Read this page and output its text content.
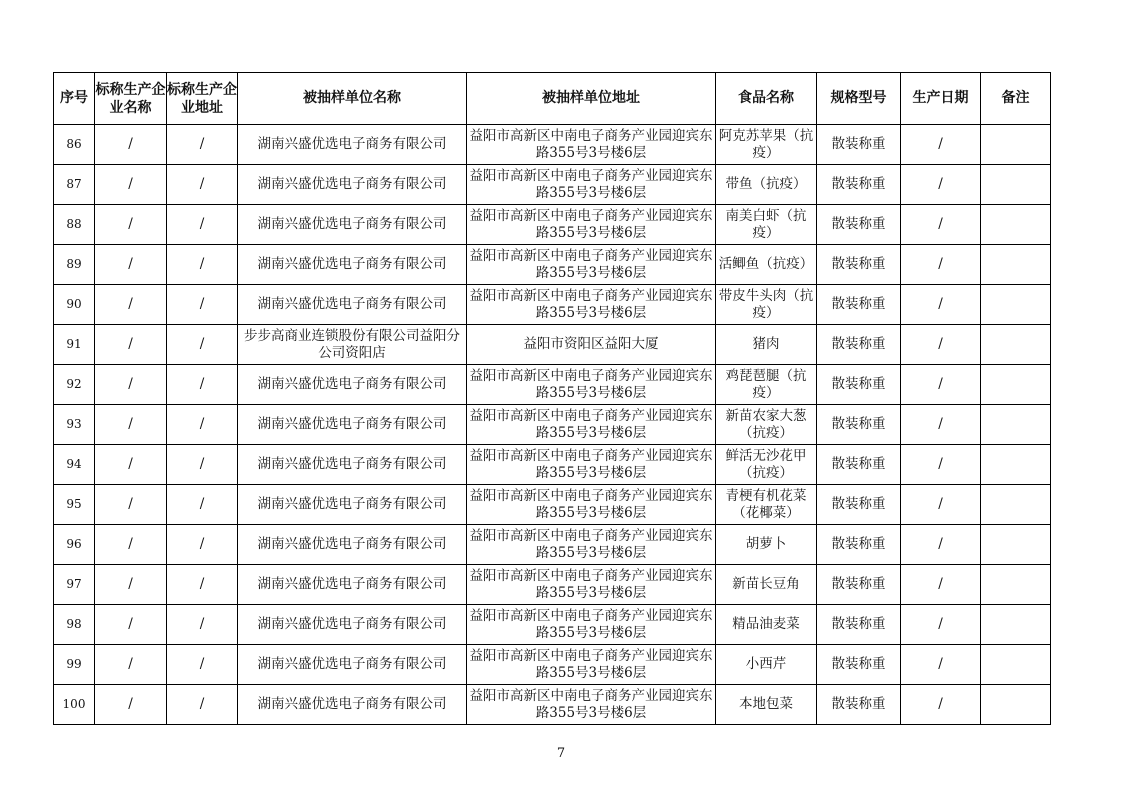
序号	标称生产企业名称	标称生产企业地址	被抽样单位名称	被抽样单位地址	食品名称	规格型号	生产日期	备注
86	/	/	湖南兴盛优选电子商务有限公司	益阳市高新区中南电子商务产业园迎宾东路355号3号楼6层	阿克苏苹果（抗疫）	散装称重	/	
87	/	/	湖南兴盛优选电子商务有限公司	益阳市高新区中南电子商务产业园迎宾东路355号3号楼6层	带鱼（抗疫）	散装称重	/	
88	/	/	湖南兴盛优选电子商务有限公司	益阳市高新区中南电子商务产业园迎宾东路355号3号楼6层	南美白虾（抗疫）	散装称重	/	
89	/	/	湖南兴盛优选电子商务有限公司	益阳市高新区中南电子商务产业园迎宾东路355号3号楼6层	活鲫鱼（抗疫）	散装称重	/	
90	/	/	湖南兴盛优选电子商务有限公司	益阳市高新区中南电子商务产业园迎宾东路355号3号楼6层	带皮牛头肉（抗疫）	散装称重	/	
91	/	/	步步高商业连锁股份有限公司益阳分公司资阳店	益阳市资阳区益阳大厦	猪肉	散装称重	/	
92	/	/	湖南兴盛优选电子商务有限公司	益阳市高新区中南电子商务产业园迎宾东路355号3号楼6层	鸡琵琶腿（抗疫）	散装称重	/	
93	/	/	湖南兴盛优选电子商务有限公司	益阳市高新区中南电子商务产业园迎宾东路355号3号楼6层	新苗农家大葱（抗疫）	散装称重	/	
94	/	/	湖南兴盛优选电子商务有限公司	益阳市高新区中南电子商务产业园迎宾东路355号3号楼6层	鲜活无沙花甲（抗疫）	散装称重	/	
95	/	/	湖南兴盛优选电子商务有限公司	益阳市高新区中南电子商务产业园迎宾东路355号3号楼6层	青梗有机花菜（花椰菜）	散装称重	/	
96	/	/	湖南兴盛优选电子商务有限公司	益阳市高新区中南电子商务产业园迎宾东路355号3号楼6层	胡萝卜	散装称重	/	
97	/	/	湖南兴盛优选电子商务有限公司	益阳市高新区中南电子商务产业园迎宾东路355号3号楼6层	新苗长豆角	散装称重	/	
98	/	/	湖南兴盛优选电子商务有限公司	益阳市高新区中南电子商务产业园迎宾东路355号3号楼6层	精品油麦菜	散装称重	/	
99	/	/	湖南兴盛优选电子商务有限公司	益阳市高新区中南电子商务产业园迎宾东路355号3号楼6层	小西芹	散装称重	/	
100	/	/	湖南兴盛优选电子商务有限公司	益阳市高新区中南电子商务产业园迎宾东路355号3号楼6层	本地包菜	散装称重	/	
7
